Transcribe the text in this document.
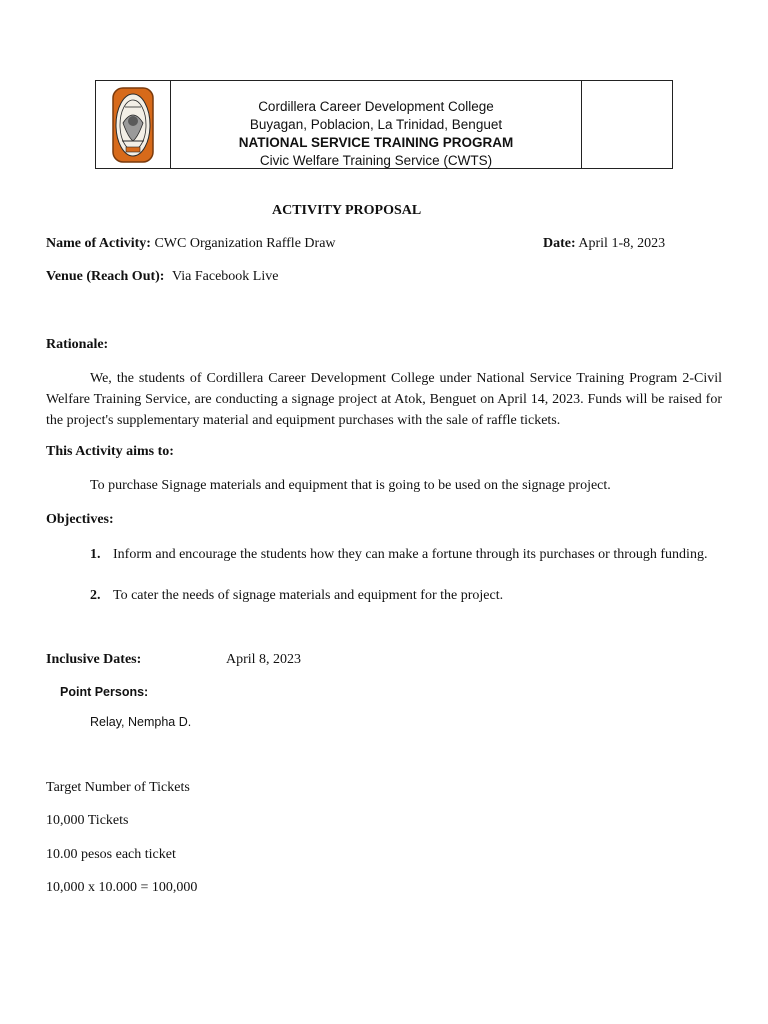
Cordillera Career Development College
Buyagan, Poblacion, La Trinidad, Benguet
NATIONAL SERVICE TRAINING PROGRAM
Civic Welfare Training Service (CWTS)
ACTIVITY PROPOSAL
Name of Activity: CWC Organization Raffle Draw	Date: April 1-8, 2023
Venue (Reach Out): Via Facebook Live
Rationale:
We, the students of Cordillera Career Development College under National Service Training Program 2-Civil Welfare Training Service, are conducting a signage project at Atok, Benguet on April 14, 2023. Funds will be raised for the project's supplementary material and equipment purchases with the sale of raffle tickets.
This Activity aims to:
To purchase Signage materials and equipment that is going to be used on the signage project.
Objectives:
1. Inform and encourage the students how they can make a fortune through its purchases or through funding.
2. To cater the needs of signage materials and equipment for the project.
Inclusive Dates:	April 8, 2023
Point Persons:
Relay, Nempha D.
Target Number of Tickets
10,000 Tickets
10.00 pesos each ticket
10,000 x 10.000 = 100,000
